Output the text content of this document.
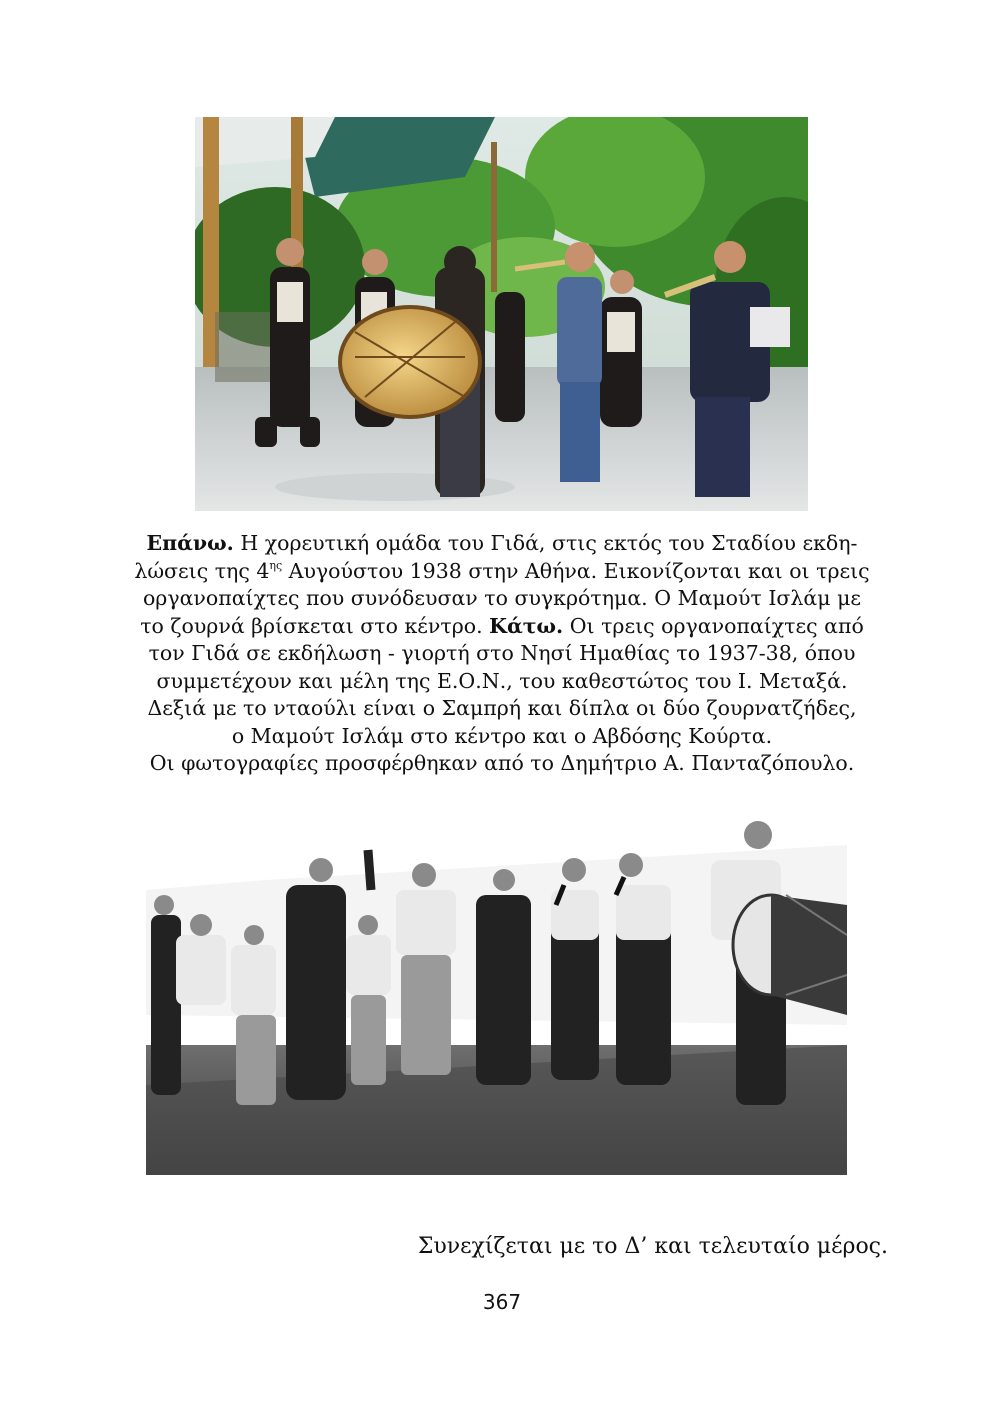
Επάνω. Η χορευτική ομάδα του Γιδά, στις εκτός του Σταδίου εκδη-
λώσεις της $4^{\eta\varsigma}$ Αυγούστου 1938 στην Αθήνα. Εικονίζονται και οι τρεις
οργανοπαίχτες που συνόδευσαν το συγκρότημα. Ο Μαμούτ Ισλάμ με
το ζουρνά βρίσκεται στο κέντρο. Κάτω. Οι τρεις οργανοπαίχτες από
τον Γιδά σε εκδήλωση - γιορτή στο Νησί Ημαθίας το 1937-38, όπου
συμμετέχουν και μέλη της Ε.Ο.Ν., του καθεστώτος του Ι. Μεταξά.
Δεξιά με το νταούλι είναι ο Σαμπρή και δίπλα οι δύο ζουρνατζήδες,
ο Μαμούτ Ισλάμ στο κέντρο και ο Αβδόσης Κούρτα.
Οι φωτογραφίες προσφέρθηκαν από το Δημήτριο Α. Πανταζόπουλο.

Συνεχίζεται με το Δ’ και τελευταίο μέρος.

367
